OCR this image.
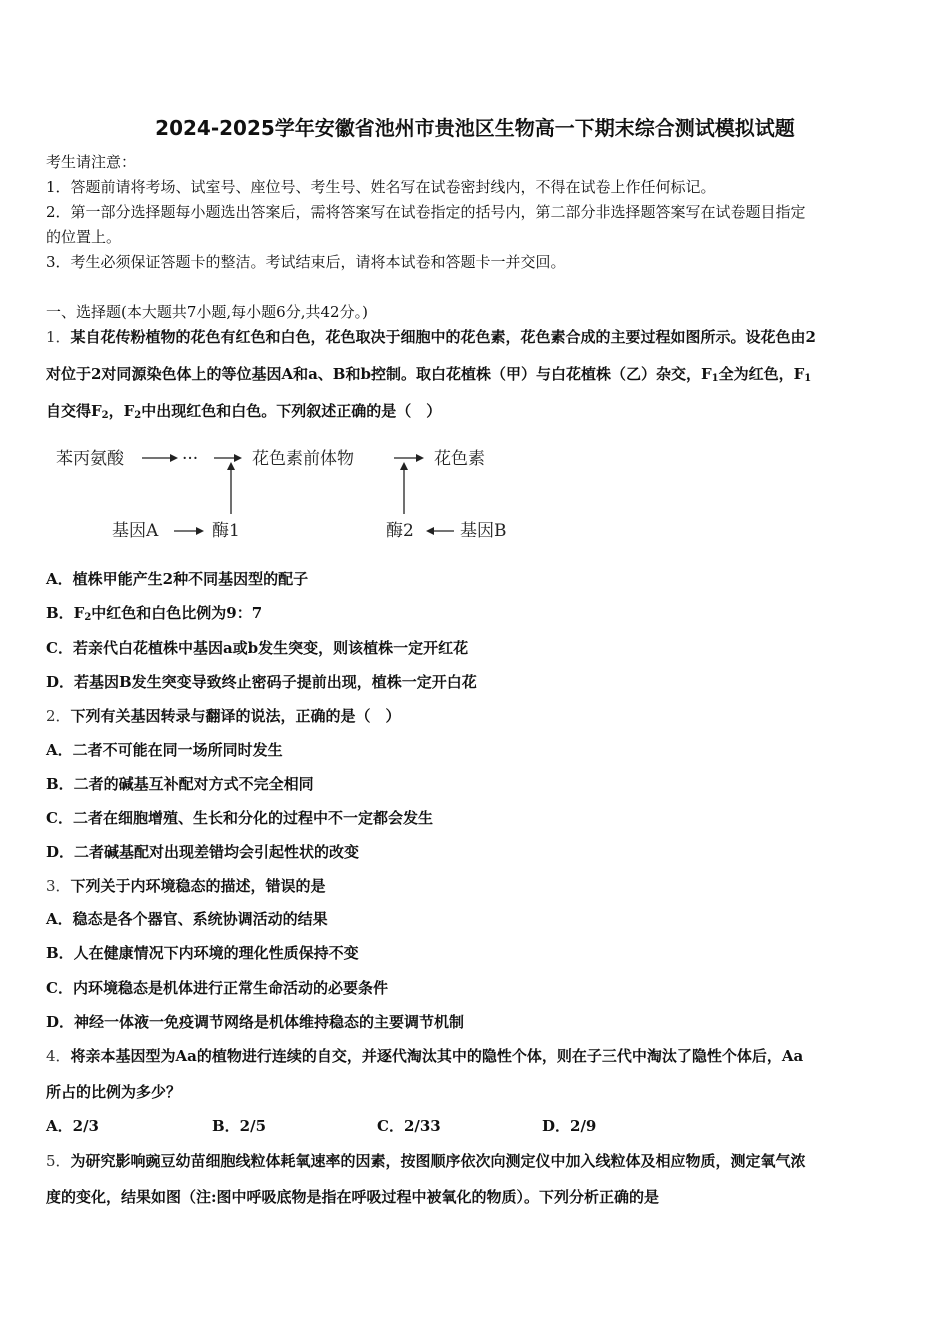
2024-2025学年安徽省池州市贵池区生物高一下期末综合测试模拟试题
考生请注意：
1．答题前请将考场、试室号、座位号、考生号、姓名写在试卷密封线内，不得在试卷上作任何标记。
2．第一部分选择题每小题选出答案后，需将答案写在试卷指定的括号内，第二部分非选择题答案写在试卷题目指定
的位置上。
3．考生必须保证答题卡的整洁。考试结束后，请将本试卷和答题卡一并交回。
一、选择题(本大题共7小题,每小题6分,共42分。)
1．某自花传粉植物的花色有红色和白色，花色取决于细胞中的花色素，花色素合成的主要过程如图所示。设花色由2
对位于2对同源染色体上的等位基因A和a、B和b控制。取白花植株（甲）与白花植株（乙）杂交，$F_1$全为红色，$F_1$
自交得$F_2$，$F_2$中出现红色和白色。下列叙述正确的是（　）
苯丙氨酸	···	花色素前体物	花色素
基因A	酶1	酶2	基因B
A．植株甲能产生2种不同基因型的配子
B．$F_2$中红色和白色比例为9：7
C．若亲代白花植株中基因a或b发生突变，则该植株一定开红花
D．若基因B发生突变导致终止密码子提前出现，植株一定开白花
2．下列有关基因转录与翻译的说法，正确的是（　）
A．二者不可能在同一场所同时发生
B．二者的碱基互补配对方式不完全相同
C．二者在细胞增殖、生长和分化的过程中不一定都会发生
D．二者碱基配对出现差错均会引起性状的改变
3．下列关于内环境稳态的描述，错误的是
A．稳态是各个器官、系统协调活动的结果
B．人在健康情况下内环境的理化性质保持不变
C．内环境稳态是机体进行正常生命活动的必要条件
D．神经一体液一免疫调节网络是机体维持稳态的主要调节机制
4．将亲本基因型为Aa的植物进行连续的自交，并逐代淘汰其中的隐性个体，则在子三代中淘汰了隐性个体后，Aa
所占的比例为多少？
A．2/3	B．2/5	C．2/33	D．2/9
5．为研究影响豌豆幼苗细胞线粒体耗氧速率的因素，按图顺序依次向测定仪中加入线粒体及相应物质，测定氧气浓
度的变化，结果如图（注:图中呼吸底物是指在呼吸过程中被氧化的物质）。下列分析正确的是
